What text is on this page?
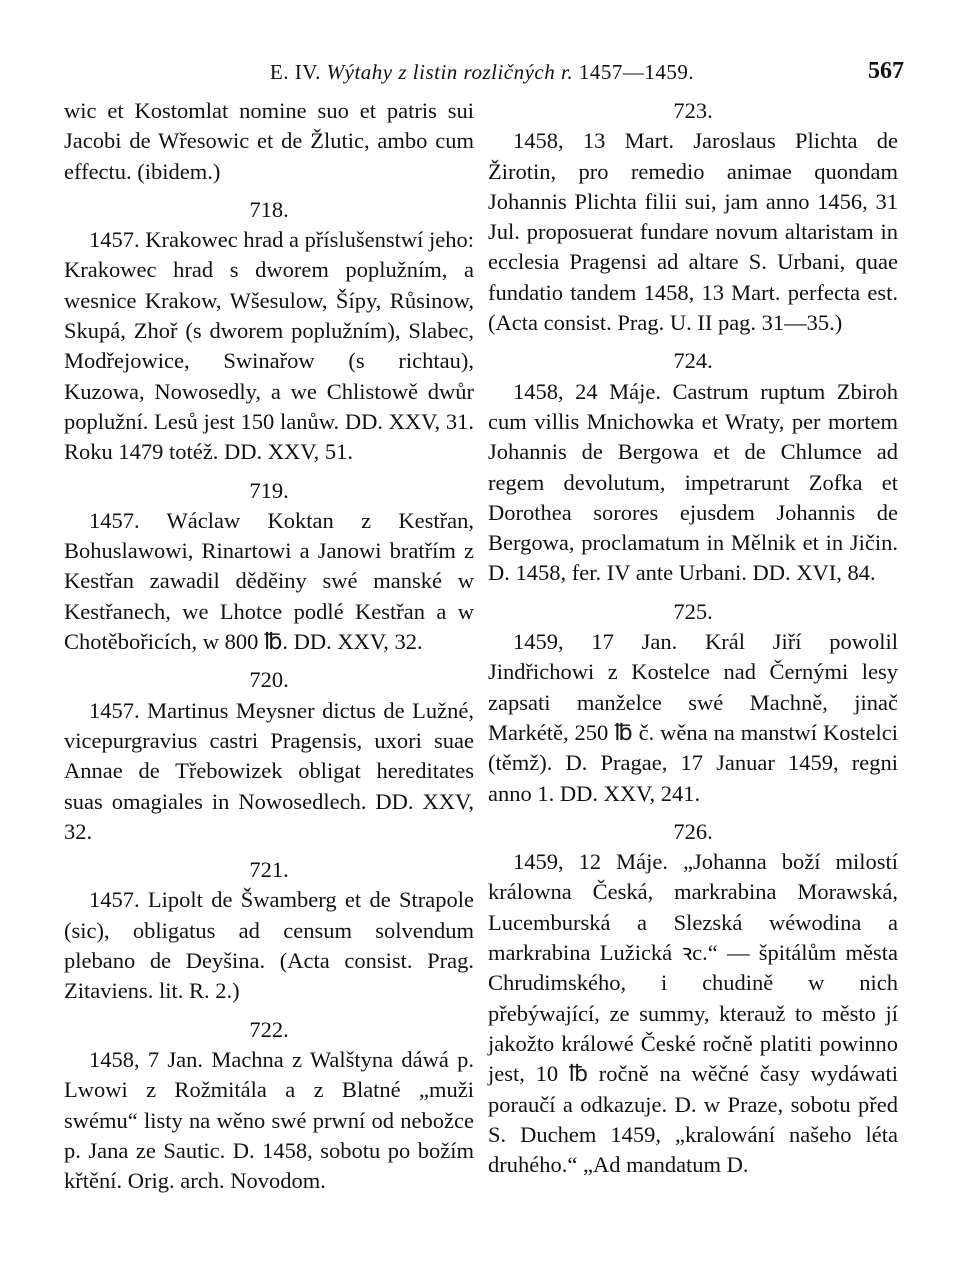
E. IV. Wýtahy z listin rozličných r. 1457—1459.	567

wic et Kostomlat nomine suo et patris sui Jacobi de Wřesowic et de Žlutic, ambo cum effectu. (ibidem.)

718.

1457. Krakowec hrad a příslušenstwí jeho: Krakowec hrad s dworem poplužním, a wesnice Krakow, Wšesulow, Šípy, Růsinow, Skupá, Zhoř (s dworem poplužním), Slabec, Modřejowice, Swinařow (s richtau), Kuzowa, Nowosedly, a we Chlistowě dwůr poplužní. Lesů jest 150 lanůw. DD. XXV, 31. Roku 1479 totéž. DD. XXV, 51.

719.

1457. Wáclaw Koktan z Kestřan, Bohuslawowi, Rinartowi a Janowi bratřím z Kestřan zawadil děděiny swé manské w Kestřanech, we Lhotce podlé Kestřan a w Chotěbořicích, w 800 ℔. DD. XXV, 32.

720.

1457. Martinus Meysner dictus de Lužné, vicepurgravius castri Pragensis, uxori suae Annae de Třebowizek obligat hereditates suas omagiales in Nowosedlech. DD. XXV, 32.

721.

1457. Lipolt de Šwamberg et de Strapole (sic), obligatus ad censum solvendum plebano de Deyšina. (Acta consist. Prag. Zitaviens. lit. R. 2.)

722.

1458, 7 Jan. Machna z Walštyna dáwá p. Lwowi z Rožmitála a z Blatné „muži swému“ listy na wěno swé prwní od nebožce p. Jana ze Sautic. D. 1458, sobotu po božím křtění. Orig. arch. Novodom.

723.

1458, 13 Mart. Jaroslaus Plichta de Žirotin, pro remedio animae quondam Johannis Plichta filii sui, jam anno 1456, 31 Jul. proposuerat fundare novum altaristam in ecclesia Pragensi ad altare S. Urbani, quae fundatio tandem 1458, 13 Mart. perfecta est. (Acta consist. Prag. U. II pag. 31—35.)

724.

1458, 24 Máje. Castrum ruptum Zbiroh cum villis Mnichowka et Wraty, per mortem Johannis de Bergowa et de Chlumce ad regem devolutum, impetrarunt Zofka et Dorothea sorores ejusdem Johannis de Bergowa, proclamatum in Mělnik et in Jičin. D. 1458, fer. IV ante Urbani. DD. XVI, 84.

725.

1459, 17 Jan. Král Jiří powolil Jindřichowi z Kostelce nad Černými lesy zapsati manželce swé Machně, jinač Markétě, 250 ℔ č. wěna na manstwí Kostelci (těmž). D. Pragae, 17 Januar 1459, regni anno 1. DD. XXV, 241.

726.

1459, 12 Máje. „Johanna boží milostí králowna Česká, markrabina Morawská, Lucemburská a Slezská wéwodina a markrabina Lužická ꝛc.“ — špitálům města Chrudimského, i chudině w nich přebýwající, ze summy, kterauž to město jí jakožto králowé České ročně platiti powinno jest, 10 ℔ ročně na wěčné časy wydáwati poraučí a odkazuje. D. w Praze, sobotu před S. Duchem 1459, „kralowání našeho léta druhého.“ „Ad mandatum D.
